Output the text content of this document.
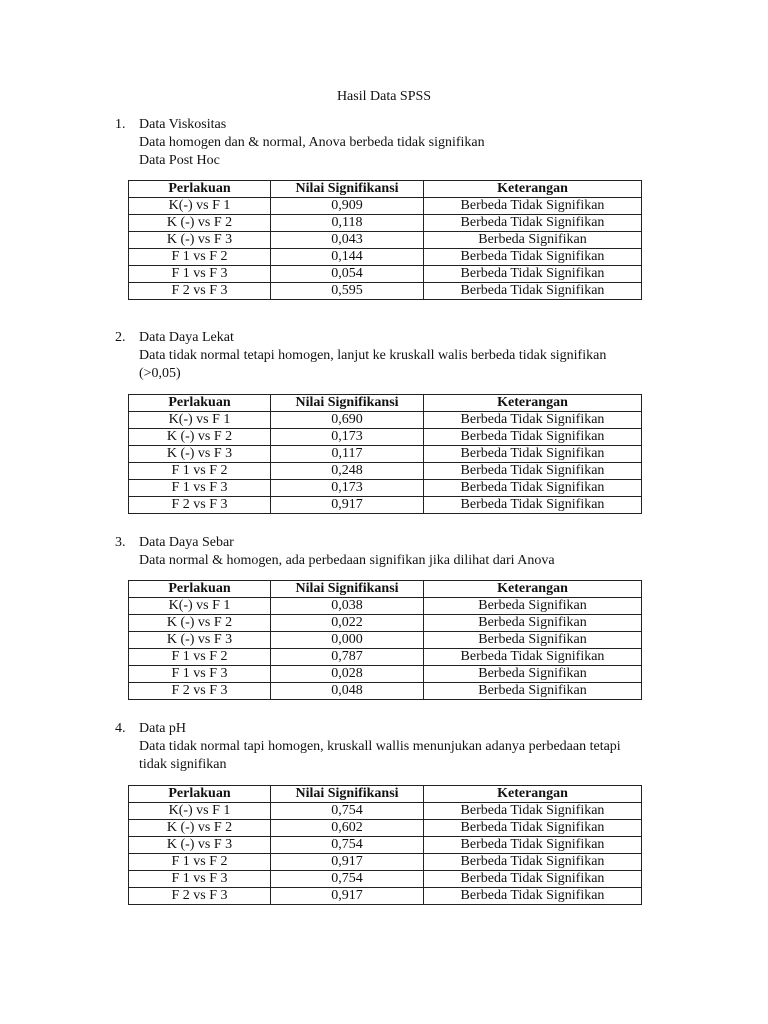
Hasil Data SPSS
1. Data Viskositas
Data homogen dan & normal, Anova berbeda tidak signifikan
Data Post Hoc
Perlakuan	Nilai Signifikansi	Keterangan
K(-) vs F 1	0,909	Berbeda Tidak Signifikan
K (-) vs F 2	0,118	Berbeda Tidak Signifikan
K (-) vs F 3	0,043	Berbeda Signifikan
F 1 vs F 2	0,144	Berbeda Tidak Signifikan
F 1 vs F 3	0,054	Berbeda Tidak Signifikan
F 2 vs F 3	0,595	Berbeda Tidak Signifikan
2. Data Daya Lekat
Data tidak normal tetapi homogen, lanjut ke kruskall walis berbeda tidak signifikan
(>0,05)
Perlakuan	Nilai Signifikansi	Keterangan
K(-) vs F 1	0,690	Berbeda Tidak Signifikan
K (-) vs F 2	0,173	Berbeda Tidak Signifikan
K (-) vs F 3	0,117	Berbeda Tidak Signifikan
F 1 vs F 2	0,248	Berbeda Tidak Signifikan
F 1 vs F 3	0,173	Berbeda Tidak Signifikan
F 2 vs F 3	0,917	Berbeda Tidak Signifikan
3. Data Daya Sebar
Data normal & homogen, ada perbedaan signifikan jika dilihat dari Anova
Perlakuan	Nilai Signifikansi	Keterangan
K(-) vs F 1	0,038	Berbeda Signifikan
K (-) vs F 2	0,022	Berbeda Signifikan
K (-) vs F 3	0,000	Berbeda Signifikan
F 1 vs F 2	0,787	Berbeda Tidak Signifikan
F 1 vs F 3	0,028	Berbeda Signifikan
F 2 vs F 3	0,048	Berbeda Signifikan
4. Data pH
Data tidak normal tapi homogen, kruskall wallis menunjukan adanya perbedaan tetapi
tidak signifikan
Perlakuan	Nilai Signifikansi	Keterangan
K(-) vs F 1	0,754	Berbeda Tidak Signifikan
K (-) vs F 2	0,602	Berbeda Tidak Signifikan
K (-) vs F 3	0,754	Berbeda Tidak Signifikan
F 1 vs F 2	0,917	Berbeda Tidak Signifikan
F 1 vs F 3	0,754	Berbeda Tidak Signifikan
F 2 vs F 3	0,917	Berbeda Tidak Signifikan
